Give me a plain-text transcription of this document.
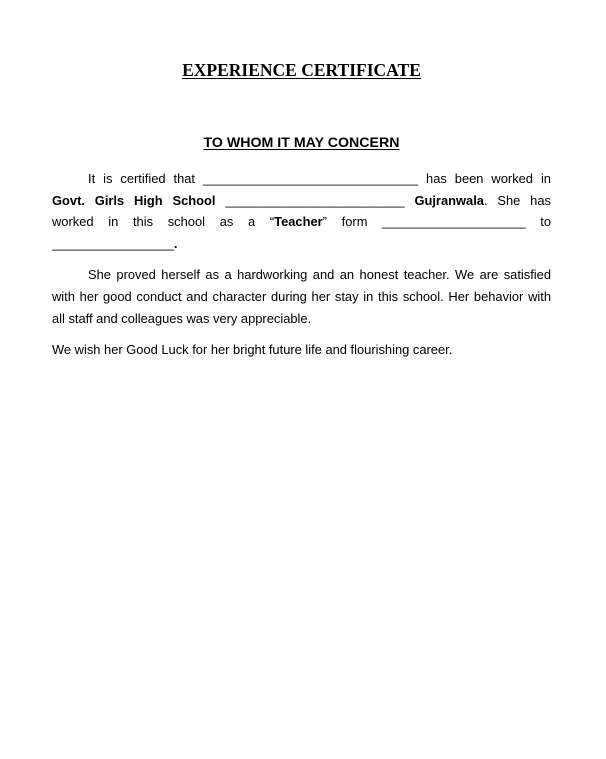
EXPERIENCE CERTIFICATE
TO WHOM IT MAY CONCERN

It is certified that ______________________________ has been worked in Govt. Girls High School _________________________ Gujranwala. She has worked in this school as a “Teacher” form ____________________ to _________________.

She proved herself as a hardworking and an honest teacher. We are satisfied with her good conduct and character during her stay in this school. Her behavior with all staff and colleagues was very appreciable.

We wish her Good Luck for her bright future life and flourishing career.
